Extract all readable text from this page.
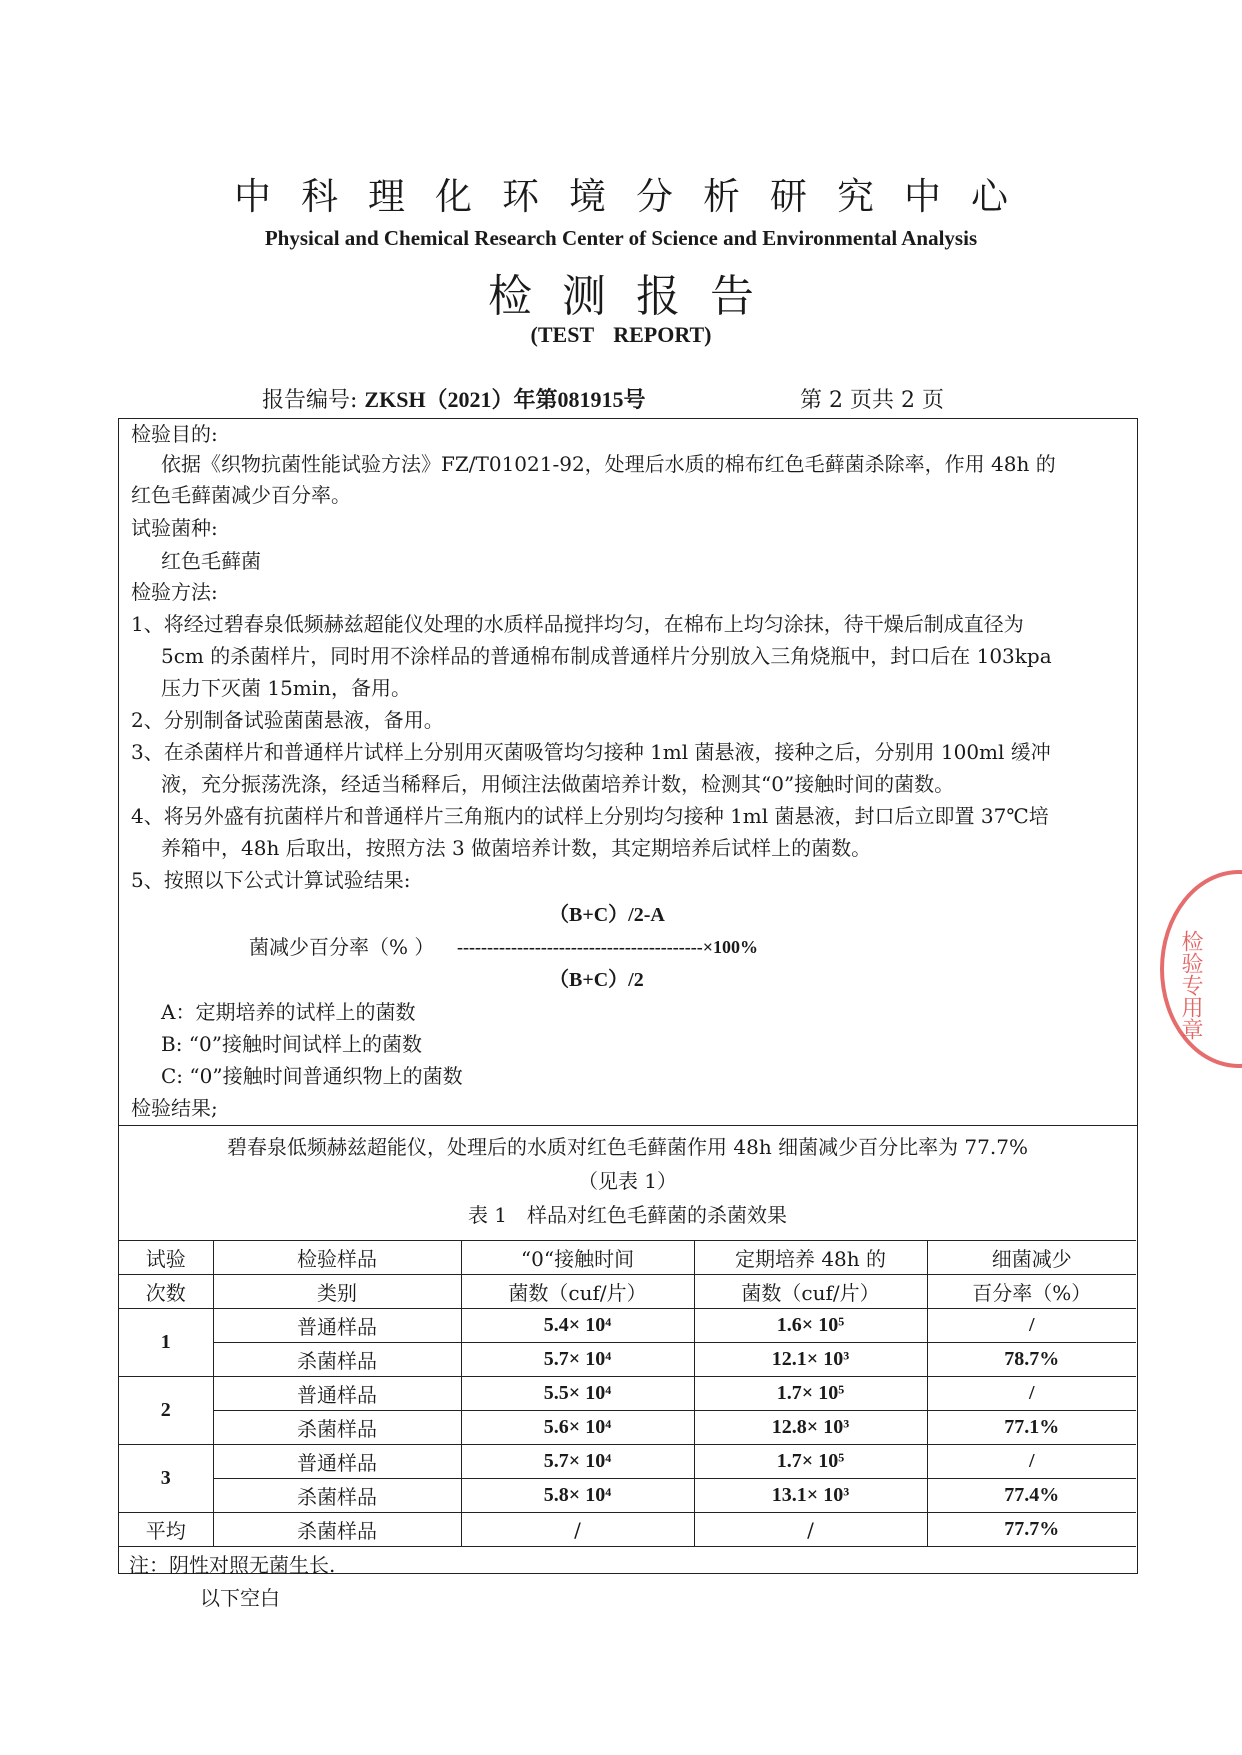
中科理化环境分析研究中心
Physical and Chemical Research Center of Science and Environmental Analysis
检测报告
(TEST REPORT)
报告编号: ZKSH（2021）年第081915号	第 2 页共 2 页
检验目的:
依据《织物抗菌性能试验方法》FZ/T01021-92，处理后水质的棉布红色毛藓菌杀除率，作用 48h 的
红色毛藓菌减少百分率。
试验菌种:
红色毛藓菌
检验方法:
1、将经过碧春泉低频赫兹超能仪处理的水质样品搅拌均匀，在棉布上均匀涂抹，待干燥后制成直径为
5cm 的杀菌样片，同时用不涂样品的普通棉布制成普通样片分别放入三角烧瓶中，封口后在 103kpa
压力下灭菌 15min，备用。
2、分别制备试验菌菌悬液，备用。
3、在杀菌样片和普通样片试样上分别用灭菌吸管均匀接种 1ml 菌悬液，接种之后，分别用 100ml 缓冲
液，充分振荡洗涤，经适当稀释后，用倾注法做菌培养计数，检测其“0”接触时间的菌数。
4、将另外盛有抗菌样片和普通样片三角瓶内的试样上分别均匀接种 1ml 菌悬液，封口后立即置 37℃培
养箱中，48h 后取出，按照方法 3 做菌培养计数，其定期培养后试样上的菌数。
5、按照以下公式计算试验结果:
（B+C）/2-A
菌减少百分率（% ） -----------------------------------------×100%
（B+C）/2
A：定期培养的试样上的菌数
B: “0”接触时间试样上的菌数
C: “0”接触时间普通织物上的菌数
检验结果;
碧春泉低频赫兹超能仪，处理后的水质对红色毛藓菌作用 48h 细菌减少百分比率为 77.7%
（见表 1）
表 1　样品对红色毛藓菌的杀菌效果
试验	检验样品	“0“接触时间	定期培养 48h 的	细菌减少
次数	类别	菌数（cuf/片）	菌数（cuf/片）	百分率（%）
1	普通样品	5.4× 10⁴	1.6× 10⁵	/
	杀菌样品	5.7× 10⁴	12.1× 10³	78.7%
2	普通样品	5.5× 10⁴	1.7× 10⁵	/
	杀菌样品	5.6× 10⁴	12.8× 10³	77.1%
3	普通样品	5.7× 10⁴	1.7× 10⁵	/
	杀菌样品	5.8× 10⁴	13.1× 10³	77.4%
平均	杀菌样品	/	/	77.7%
注：阴性对照无菌生长.				
以下空白
检验专用章
